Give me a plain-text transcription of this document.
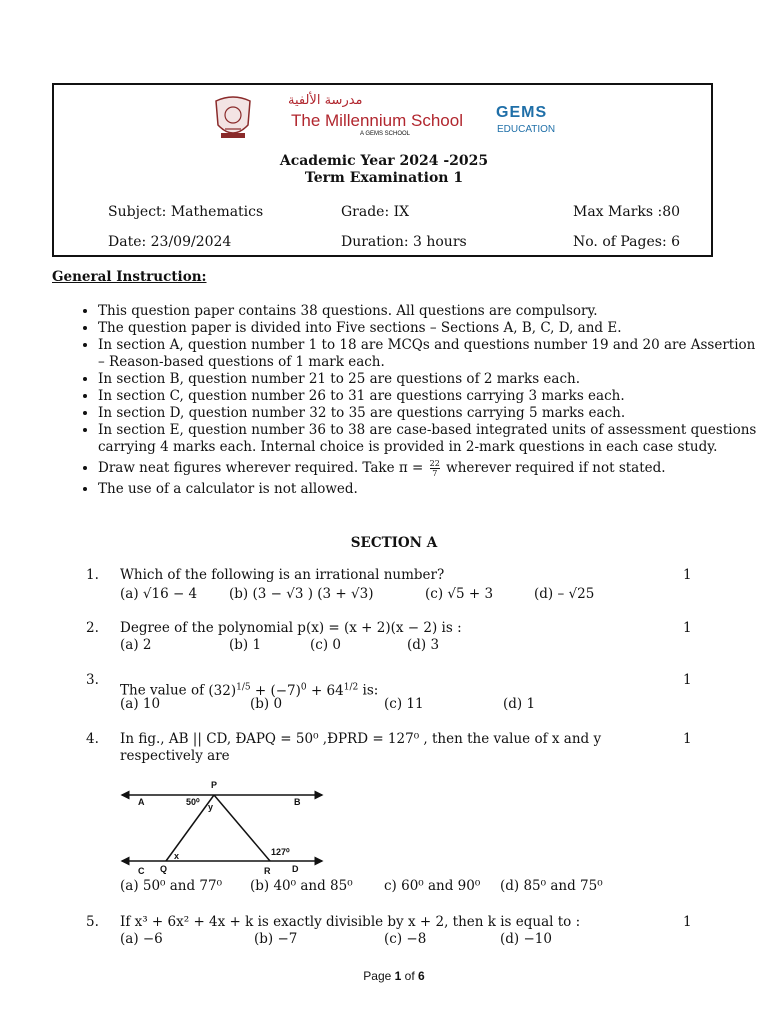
مدرسة الألفية
The Millennium School
A GEMS SCHOOL
GEMS
EDUCATION
Academic Year 2024 -2025
Term Examination 1
Subject: Mathematics	Grade: IX	Max Marks :80
Date: 23/09/2024	Duration: 3 hours	No. of Pages: 6
General Instruction:
• This question paper contains 38 questions. All questions are compulsory.
• The question paper is divided into Five sections – Sections A, B, C, D, and E.
• In section A, question number 1 to 18 are MCQs and questions number 19 and 20 are Assertion – Reason-based questions of 1 mark each.
• In section B, question number 21 to 25 are questions of 2 marks each.
• In section C, question number 26 to 31 are questions carrying 3 marks each.
• In section D, question number 32 to 35 are questions carrying 5 marks each.
• In section E, question number 36 to 38 are case-based integrated units of assessment questions carrying 4 marks each. Internal choice is provided in 2-mark questions in each case study.
• Draw neat figures wherever required. Take $\pi = \frac{22}{7}$ wherever required if not stated.
• The use of a calculator is not allowed.
SECTION A
1. Which of the following is an irrational number?	1
(a) √16 − 4 (b) (3 − √3 ) (3 + √3)	(c) √5 + 3	(d) – √25
2. Degree of the polynomial p(x) = (x + 2)(x − 2) is :	1
(a) 2	(b) 1	(c) 0	(d) 3
3.
The value of $(32)^{1/5} + (-7)^0 + 64^{1/2}$ is:
1
(a) 10	(b) 0	(c) 11	(d) 1
4. In fig., AB || CD, ÐAPQ = 50⁰ ,ÐPRD = 127⁰ , then the value of x and y respectively are
1
P
A	B
C Q	R D
50⁰ y
x	127⁰
(a) 50⁰ and 77⁰ (b) 40⁰ and 85⁰ c) 60⁰ and 90⁰ (d) 85⁰ and 75⁰
5. If x³ + 6x² + 4x + k is exactly divisible by x + 2, then k is equal to :	1
(a) −6	(b) −7	(c) −8	(d) −10
Page 1 of 6
